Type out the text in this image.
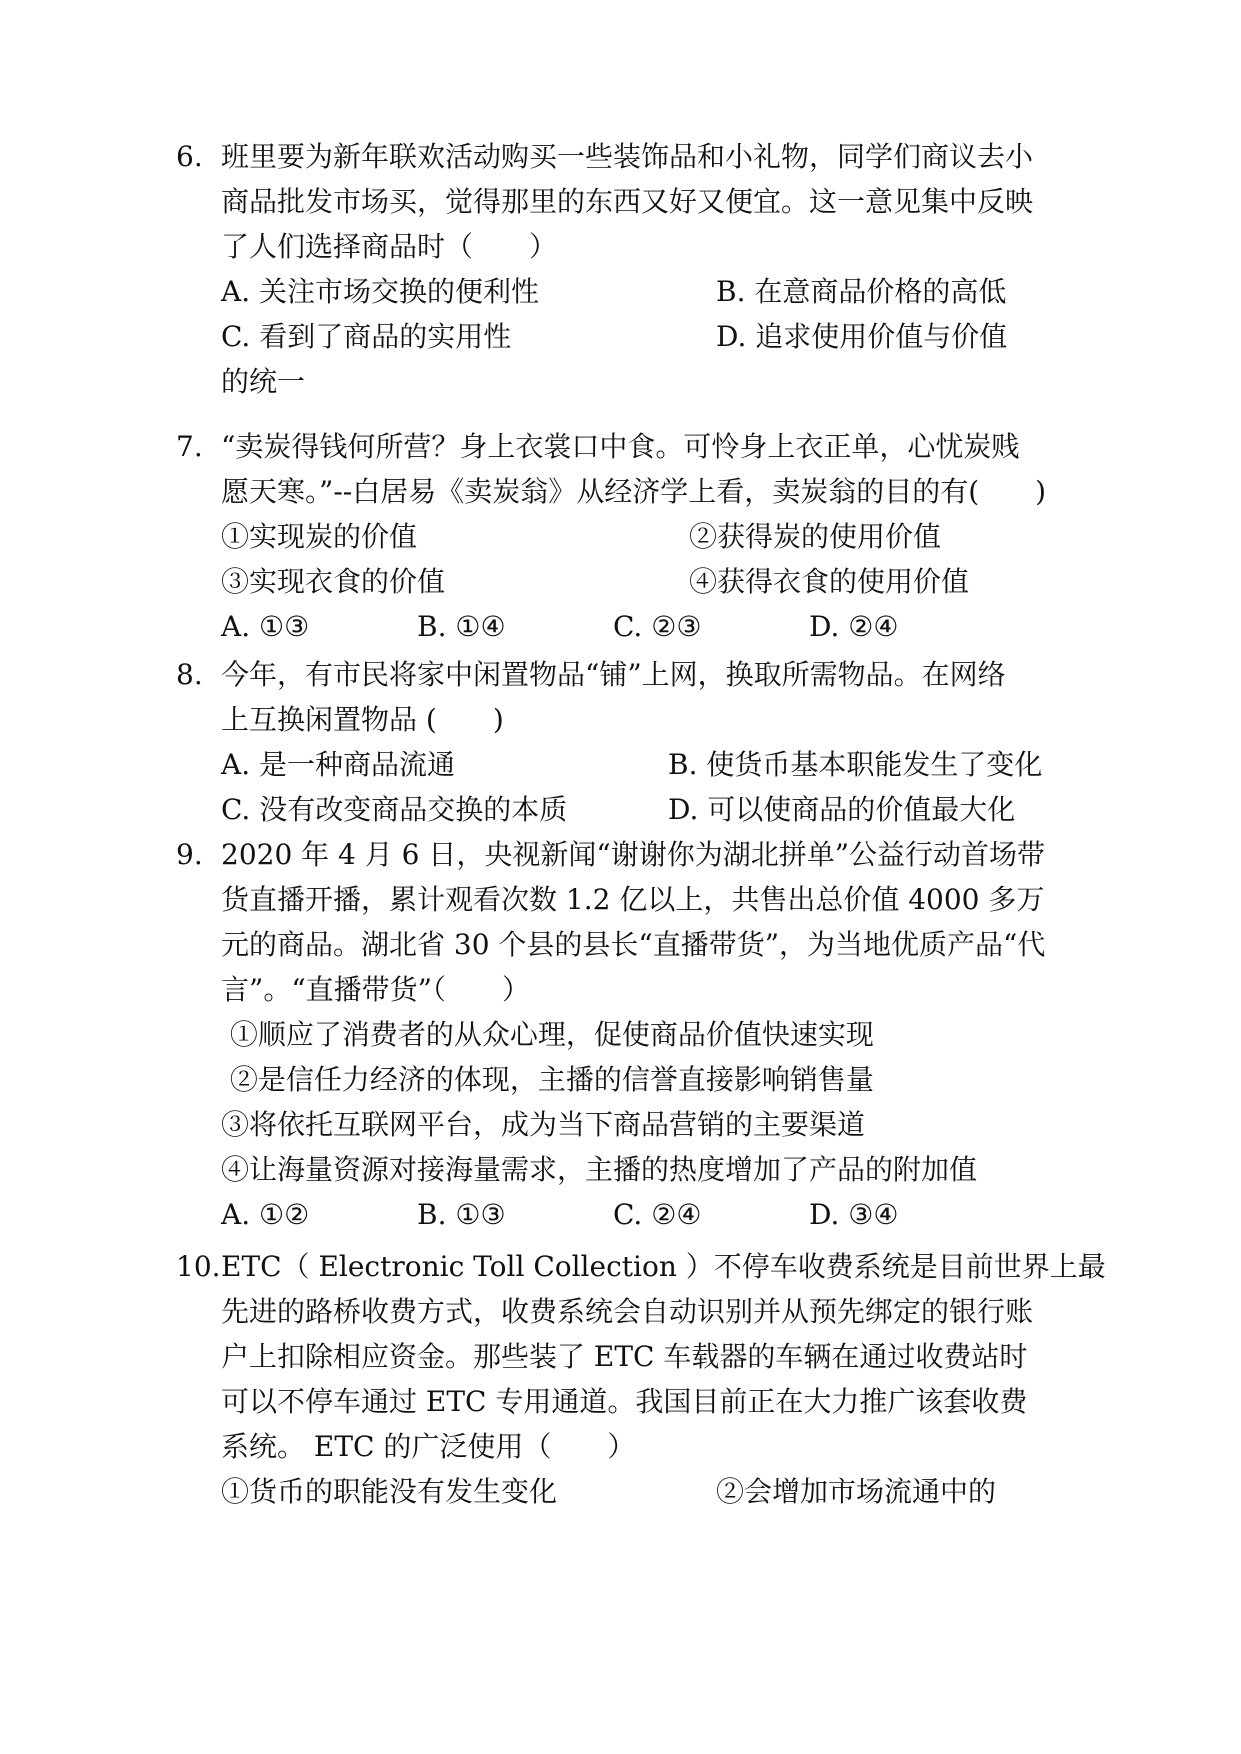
6. 班里要为新年联欢活动购买一些装饰品和小礼物，同学们商议去小
商品批发市场买，觉得那里的东西又好又便宜。这一意见集中反映
了人们选择商品时（　　）
A. 关注市场交换的便利性	B. 在意商品价格的高低
C. 看到了商品的实用性	D. 追求使用价值与价值
的统一
7. “卖炭得钱何所营？身上衣裳口中食。可怜身上衣正单，心忧炭贱
愿天寒。”--白居易《卖炭翁》从经济学上看，卖炭翁的目的有(　　)
①实现炭的价值	②获得炭的使用价值
③实现衣食的价值	④获得衣食的使用价值
A. ①③	B. ①④	C. ②③	D. ②④
8. 今年，有市民将家中闲置物品“铺”上网，换取所需物品。在网络
上互换闲置物品 (　　)
A. 是一种商品流通	B. 使货币基本职能发生了变化
C. 没有改变商品交换的本质	D. 可以使商品的价值最大化
9. 2020 年 4 月 6 日，央视新闻“谢谢你为湖北拼单”公益行动首场带
货直播开播，累计观看次数 1.2 亿以上，共售出总价值 4000 多万
元的商品。湖北省 30 个县的县长“直播带货”，为当地优质产品“代
言”。“直播带货”（　　）
①顺应了消费者的从众心理，促使商品价值快速实现
②是信任力经济的体现，主播的信誉直接影响销售量
③将依托互联网平台，成为当下商品营销的主要渠道
④让海量资源对接海量需求，主播的热度增加了产品的附加值
A. ①②	B. ①③	C. ②④	D. ③④
10. ETC（ Electronic Toll Collection ）不停车收费系统是目前世界上最
先进的路桥收费方式，收费系统会自动识别并从预先绑定的银行账
户上扣除相应资金。那些装了 ETC 车载器的车辆在通过收费站时
可以不停车通过 ETC 专用通道。我国目前正在大力推广该套收费
系统。 ETC 的广泛使用（　　）
①货币的职能没有发生变化	②会增加市场流通中的
